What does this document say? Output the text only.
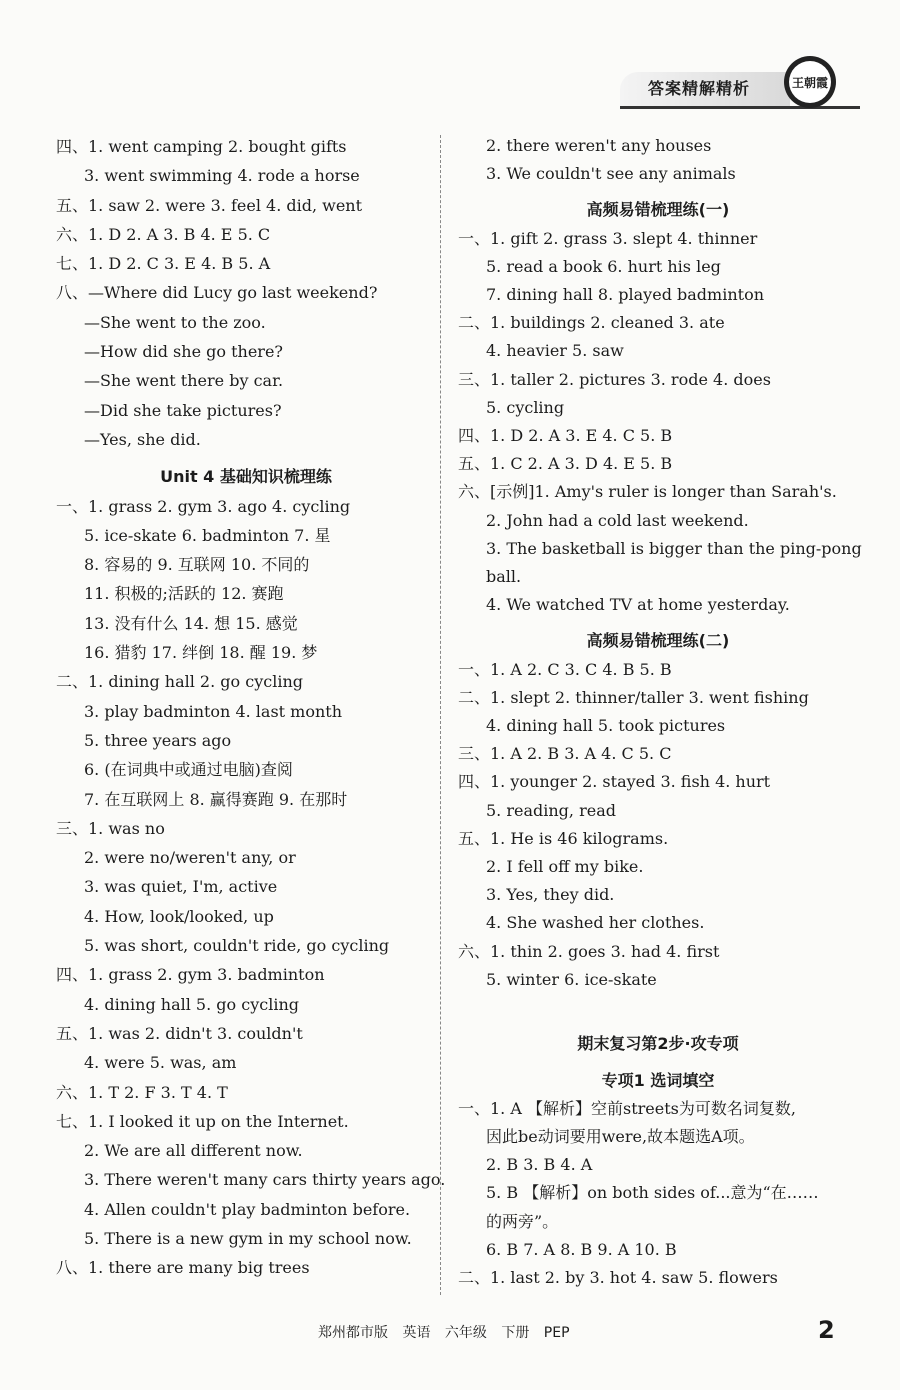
答案精解精析	王朝霞
四、1. went camping 2. bought gifts
3. went swimming 4. rode a horse
五、1. saw 2. were 3. feel 4. did, went
六、1. D 2. A 3. B 4. E 5. C
七、1. D 2. C 3. E 4. B 5. A
八、—Where did Lucy go last weekend?
—She went to the zoo.
—How did she go there?
—She went there by car.
—Did she take pictures?
—Yes, she did.
Unit 4 基础知识梳理练
一、1. grass 2. gym 3. ago 4. cycling
5. ice-skate 6. badminton 7. 星
8. 容易的 9. 互联网 10. 不同的
11. 积极的;活跃的 12. 赛跑
13. 没有什么 14. 想 15. 感觉
16. 猎豹 17. 绊倒 18. 醒 19. 梦
二、1. dining hall 2. go cycling
3. play badminton 4. last month
5. three years ago
6. (在词典中或通过电脑)查阅
7. 在互联网上 8. 赢得赛跑 9. 在那时
三、1. was no
2. were no/weren't any, or
3. was quiet, I'm, active
4. How, look/looked, up
5. was short, couldn't ride, go cycling
四、1. grass 2. gym 3. badminton
4. dining hall 5. go cycling
五、1. was 2. didn't 3. couldn't
4. were 5. was, am
六、1. T 2. F 3. T 4. T
七、1. I looked it up on the Internet.
2. We are all different now.
3. There weren't many cars thirty years ago.
4. Allen couldn't play badminton before.
5. There is a new gym in my school now.
八、1. there are many big trees
2. there weren't any houses
3. We couldn't see any animals
高频易错梳理练(一)
一、1. gift 2. grass 3. slept 4. thinner
5. read a book 6. hurt his leg
7. dining hall 8. played badminton
二、1. buildings 2. cleaned 3. ate
4. heavier 5. saw
三、1. taller 2. pictures 3. rode 4. does
5. cycling
四、1. D 2. A 3. E 4. C 5. B
五、1. C 2. A 3. D 4. E 5. B
六、[示例]1. Amy's ruler is longer than Sarah's.
2. John had a cold last weekend.
3. The basketball is bigger than the ping-pong
ball.
4. We watched TV at home yesterday.
高频易错梳理练(二)
一、1. A 2. C 3. C 4. B 5. B
二、1. slept 2. thinner/taller 3. went fishing
4. dining hall 5. took pictures
三、1. A 2. B 3. A 4. C 5. C
四、1. younger 2. stayed 3. fish 4. hurt
5. reading, read
五、1. He is 46 kilograms.
2. I fell off my bike.
3. Yes, they did.
4. She washed her clothes.
六、1. thin 2. goes 3. had 4. first
5. winter 6. ice-skate

期末复习第2步·攻专项
专项1 选词填空
一、1. A 【解析】空前streets为可数名词复数,
因此be动词要用were,故本题选A项。
2. B 3. B 4. A
5. B 【解析】on both sides of...意为“在……
的两旁”。
6. B 7. A 8. B 9. A 10. B
二、1. last 2. by 3. hot 4. saw 5. flowers
郑州都市版 英语 六年级 下册 PEP	2
